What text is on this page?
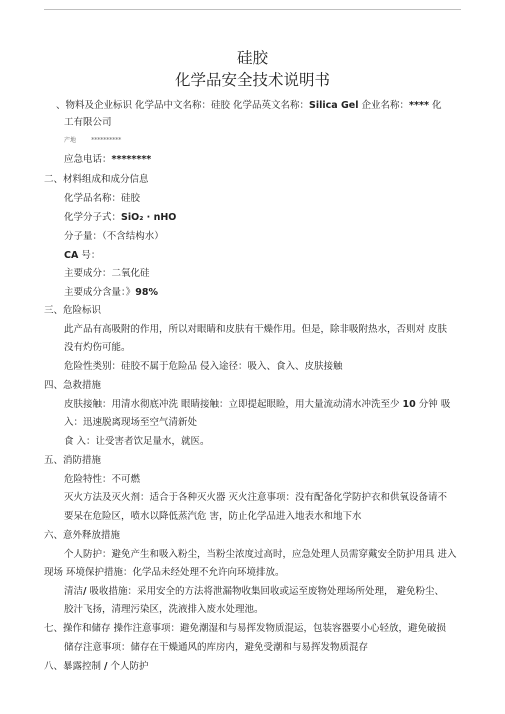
硅胶
化学品安全技术说明书
、物料及企业标识 化学品中文名称：硅胶 化学品英文名称：Silica Gel 企业名称：**** 化
工有限公司
产地	**********
应急电话：********
二、材料组成和成分信息
化学品名称：硅胶
化学分子式：SiO₂ · nHO
分子量：（不含结构水）
CA 号：
主要成分：二氧化硅
主要成分含量：》98%
三、危险标识
此产品有高吸附的作用，所以对眼睛和皮肤有干燥作用。但是，除非吸附热水，否则对 皮肤
没有灼伤可能。
危险性类别：硅胶不属于危险品 侵入途径：吸入、食入、皮肤接触
四、急救措施
皮肤接触：用清水彻底冲洗 眼睛接触：立即提起眼睑，用大量流动清水冲洗至少 10 分钟 吸
入：迅速脱离现场至空气清新处
食 入：让受害者饮足量水，就医。
五、消防措施
危险特性：不可燃
灭火方法及灭火剂：适合于各种灭火器 灭火注意事项：没有配备化学防护衣和供氧设备请不
要呆在危险区，喷水以降低蒸汽危 害，防止化学品进入地表水和地下水
六、意外释放措施
个人防护：避免产生和吸入粉尘，当粉尘浓度过高时，应急处理人员需穿戴安全防护用具 进入
现场 环境保护措施：化学品未经处理不允许向环境排放。
清洁/ 吸收措施：采用安全的方法将泄漏物收集回收或运至废物处理场所处理， 避免粉尘、
胶汁飞扬，清理污染区，洗液排入废水处理池。
七、操作和储存 操作注意事项：避免潮湿和与易挥发物质混运，包装容器要小心轻放，避免破损
储存注意事项：储存在干燥通风的库房内，避免受潮和与易挥发物质混存
八、暴露控制 / 个人防护
